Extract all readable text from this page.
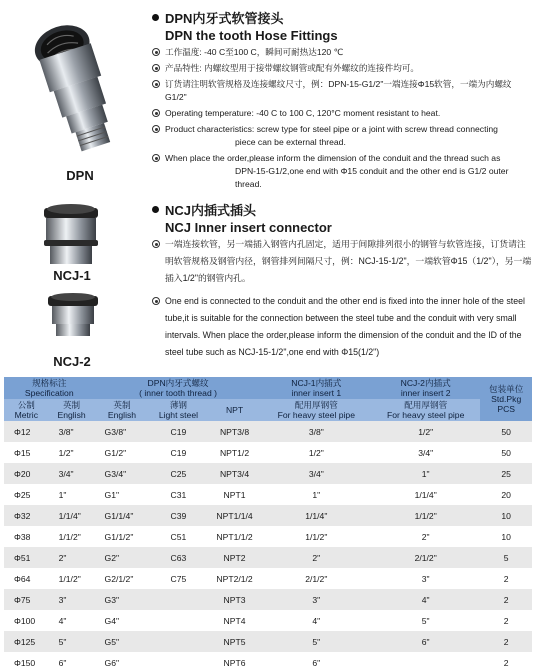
DPN
DPN内牙式软管接头
DPN the tooth Hose Fittings
工作温度: -40 C至100 C，瞬间可耐热达120 ℃
产品特性: 内螺纹型用于接带螺纹钢管或配有外螺纹的连接件均可。
订货请注明软管规格及连接螺纹尺寸，例：DPN-15-G1/2"一端连接Φ15软管，一端为内螺纹G1/2"
Operating temperature: -40 C to 100 C, 120°C moment resistant to heat.
Product characteristics: screw type for steel pipe or a joint with screw thread connecting
piece can be external thread.
When place the order,please inform the dimension of the conduit and the thread such as
DPN-15-G1/2,one end with Φ15 conduit and the other end is G1/2 outer thread.
NCJ-1
NCJ-2
NCJ内插式插头
NCJ Inner insert connector
一端连接软管，另一端插入钢管内孔固定，适用于间隙排列很小的钢管与软管连接，订货请注明软管规格及钢管内径，钢管排列间隔尺寸，例：NCJ-15-1/2"，一端软管Φ15（1/2"），另一端插入1/2"的钢管内孔。
One end is connected to the conduit and the other end is fixed into the inner hole of the steel tube,it is suitable for the connection between the steel tube and the conduit with very small intervals. When place the order,please inform the dimension of the conduit and the ID of the steel tube such as NCJ-15-1/2",one end with Φ15(1/2")
规格标注
Specification		DPN内牙式螺纹
( inner tooth thread )			NCJ-1内插式
inner insert 1	NCJ-2内插式
inner insert 2	包装单位
Std.Pkg
PCS
公制
Metric	英制
English	英制
English	薄钢
Light steel	NPT	配用厚钢管
For heavy steel pipe	配用厚钢管
For heavy steel pipe	
Φ12	3/8"	G3/8"	C19	NPT3/8	3/8"	1/2"	50
Φ15	1/2"	G1/2"	C19	NPT1/2	1/2"	3/4"	50
Φ20	3/4"	G3/4"	C25	NPT3/4	3/4"	1"	25
Φ25	1"	G1"	C31	NPT1	1"	1/1/4"	20
Φ32	1/1/4"	G1/1/4"	C39	NPT1/1/4	1/1/4"	1/1/2"	10
Φ38	1/1/2"	G1/1/2"	C51	NPT1/1/2	1/1/2"	2"	10
Φ51	2"	G2"	C63	NPT2	2"	2/1/2"	5
Φ64	1/1/2"	G2/1/2"	C75	NPT2/1/2	2/1/2"	3"	2
Φ75	3"	G3"		NPT3	3"	4"	2
Φ100	4"	G4"		NPT4	4"	5"	2
Φ125	5"	G5"		NPT5	5"	6"	2
Φ150	6"	G6"		NPT6	6"		2
